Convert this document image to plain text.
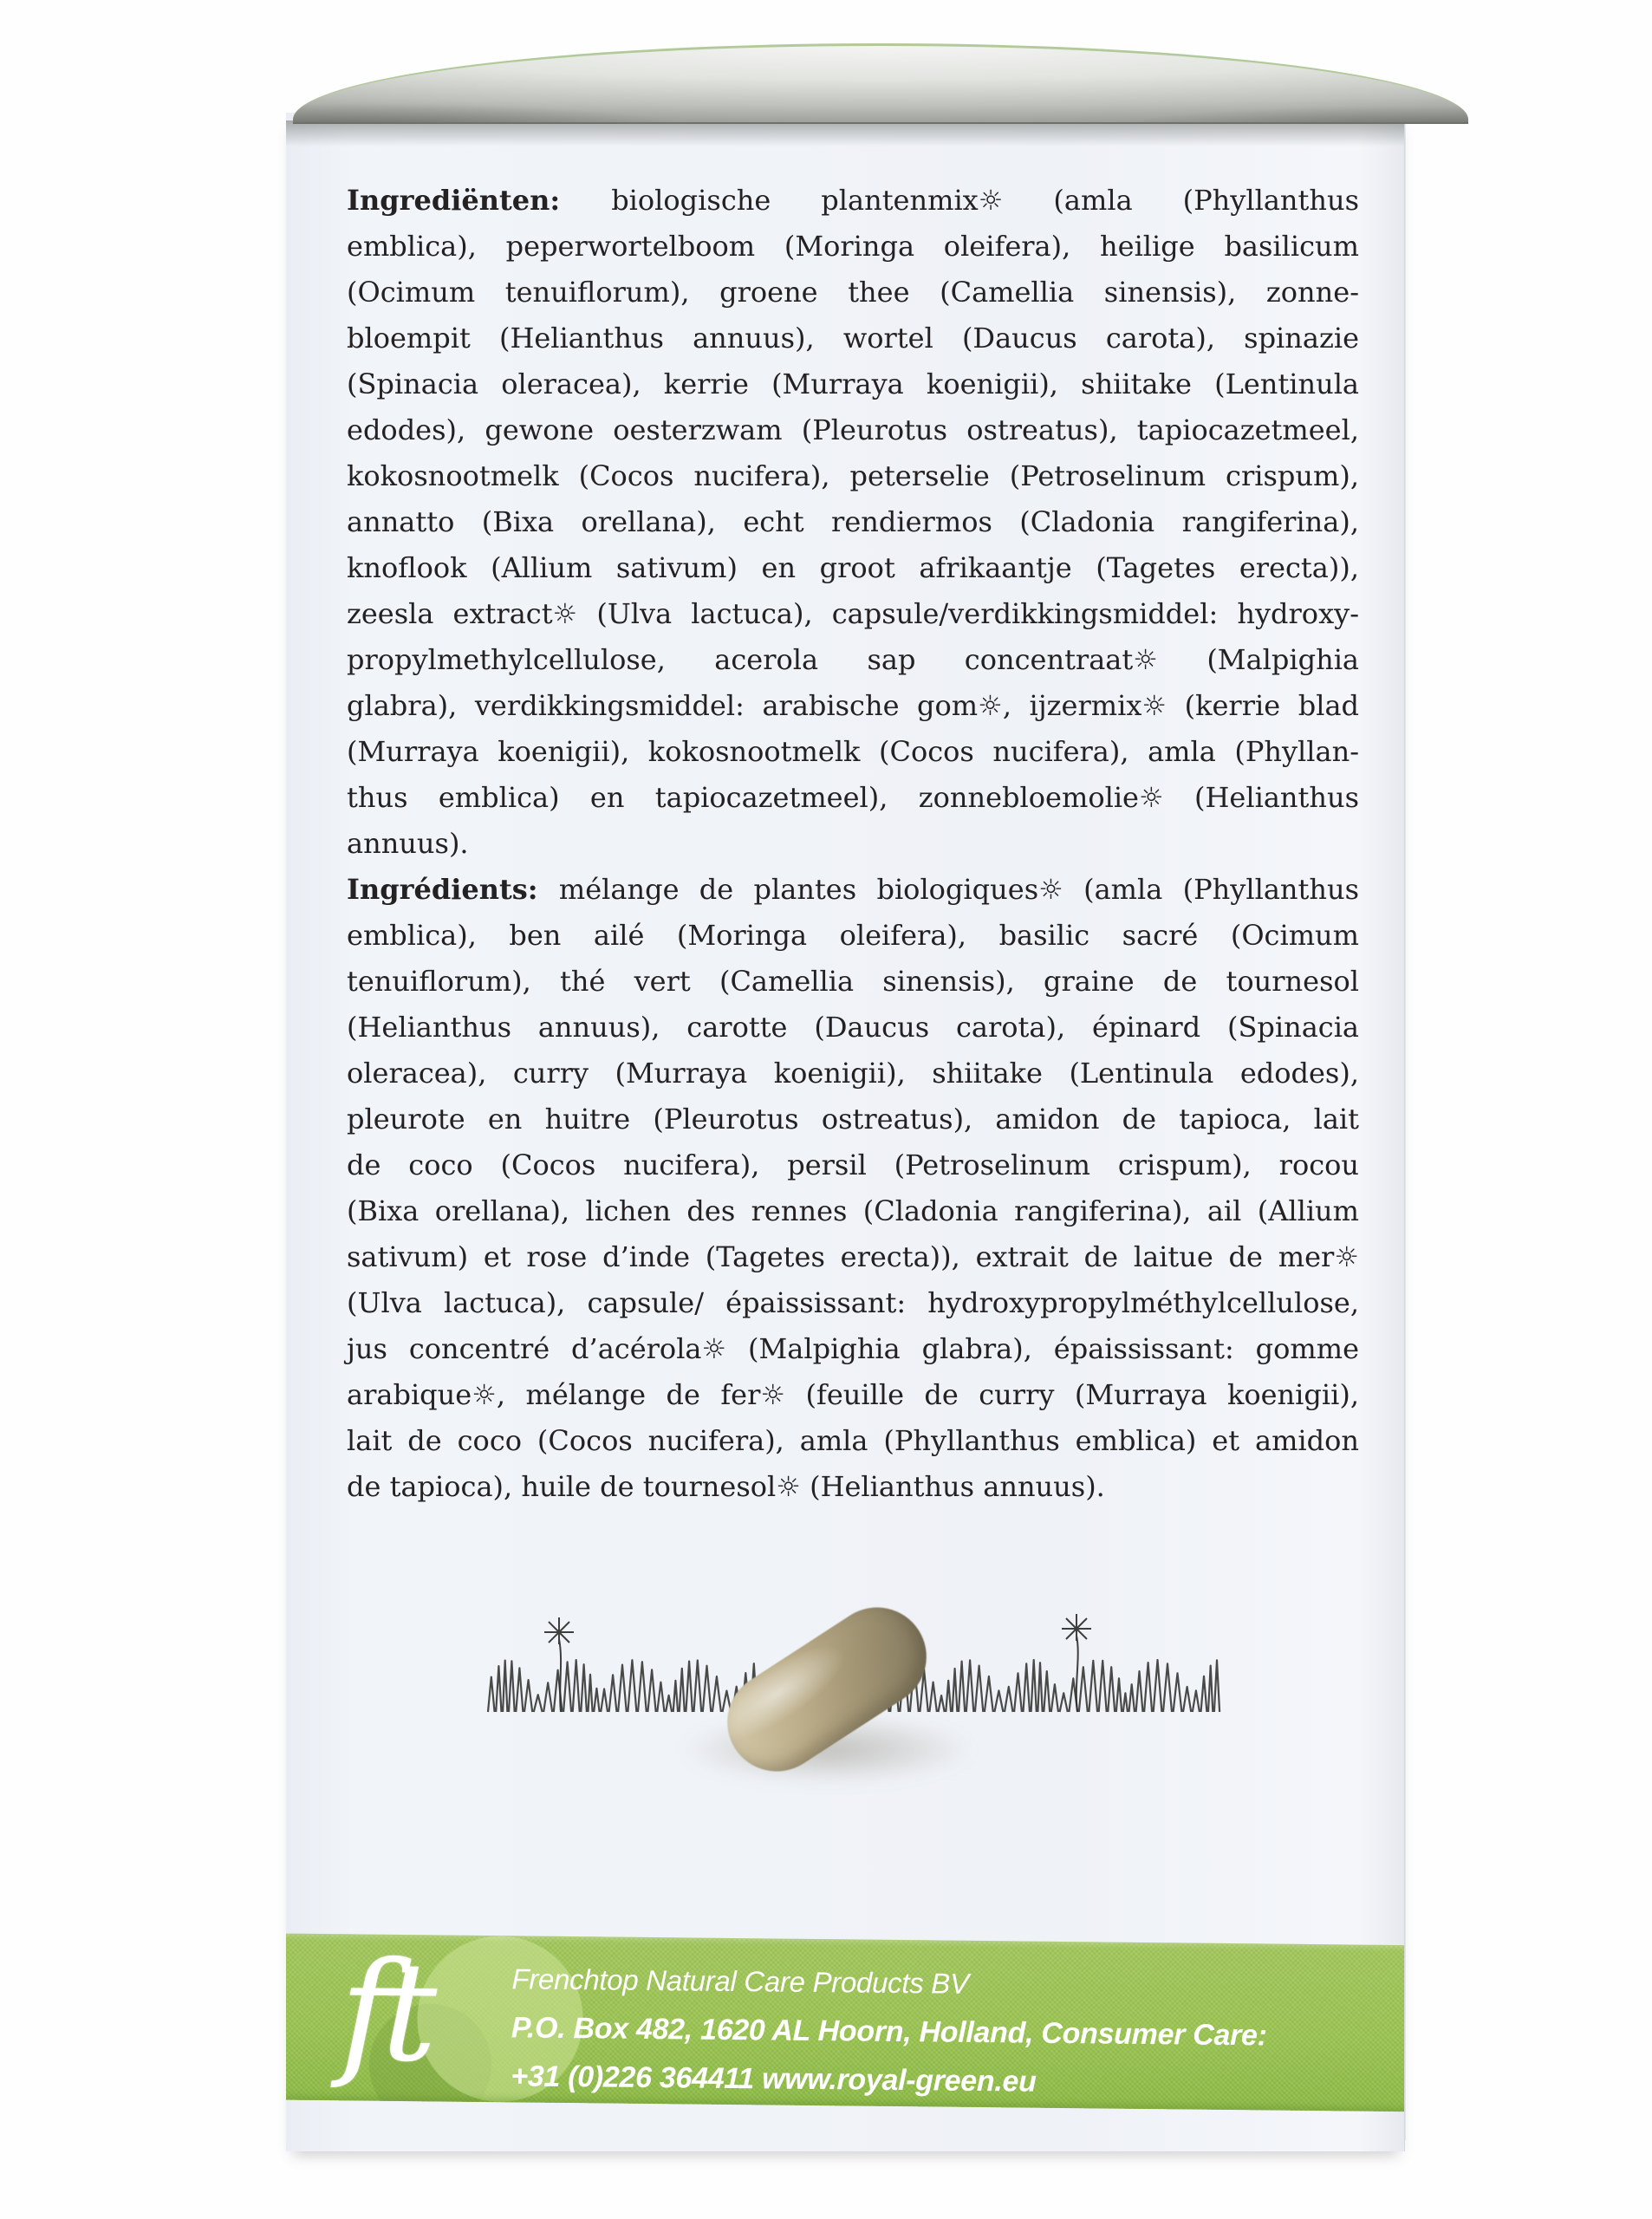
Ingrediënten: biologische plantenmix☼ (amla (Phyllanthus
emblica), peperwortelboom (Moringa oleifera), heilige basilicum
(Ocimum tenuiflorum), groene thee (Camellia sinensis), zonne-
bloempit (Helianthus annuus), wortel (Daucus carota), spinazie
(Spinacia oleracea), kerrie (Murraya koenigii), shiitake (Lentinula
edodes), gewone oesterzwam (Pleurotus ostreatus), tapiocazetmeel,
kokosnootmelk (Cocos nucifera), peterselie (Petroselinum crispum),
annatto (Bixa orellana), echt rendiermos (Cladonia rangiferina),
knoflook (Allium sativum) en groot afrikaantje (Tagetes erecta)),
zeesla extract☼ (Ulva lactuca), capsule/verdikkingsmiddel: hydroxy-
propylmethylcellulose, acerola sap concentraat☼ (Malpighia
glabra), verdikkingsmiddel: arabische gom☼, ijzermix☼ (kerrie blad
(Murraya koenigii), kokosnootmelk (Cocos nucifera), amla (Phyllan-
thus emblica) en tapiocazetmeel), zonnebloemolie☼ (Helianthus
annuus).
Ingrédients: mélange de plantes biologiques☼ (amla (Phyllanthus
emblica), ben ailé (Moringa oleifera), basilic sacré (Ocimum
tenuiflorum), thé vert (Camellia sinensis), graine de tournesol
(Helianthus annuus), carotte (Daucus carota), épinard (Spinacia
oleracea), curry (Murraya koenigii), shiitake (Lentinula edodes),
pleurote en huitre (Pleurotus ostreatus), amidon de tapioca, lait
de coco (Cocos nucifera), persil (Petroselinum crispum), rocou
(Bixa orellana), lichen des rennes (Cladonia rangiferina), ail (Allium
sativum) et rose d’inde (Tagetes erecta)), extrait de laitue de mer☼
(Ulva lactuca), capsule/ épaississant: hydroxypropylméthylcellulose,
jus concentré d’acérola☼ (Malpighia glabra), épaississant: gomme
arabique☼, mélange de fer☼ (feuille de curry (Murraya koenigii),
lait de coco (Cocos nucifera), amla (Phyllanthus emblica) et amidon
de tapioca), huile de tournesol☼ (Helianthus annuus).
ft	Frenchtop Natural Care Products BV
P.O. Box 482, 1620 AL Hoorn, Holland, Consumer Care:
+31 (0)226 364411 www.royal-green.eu
